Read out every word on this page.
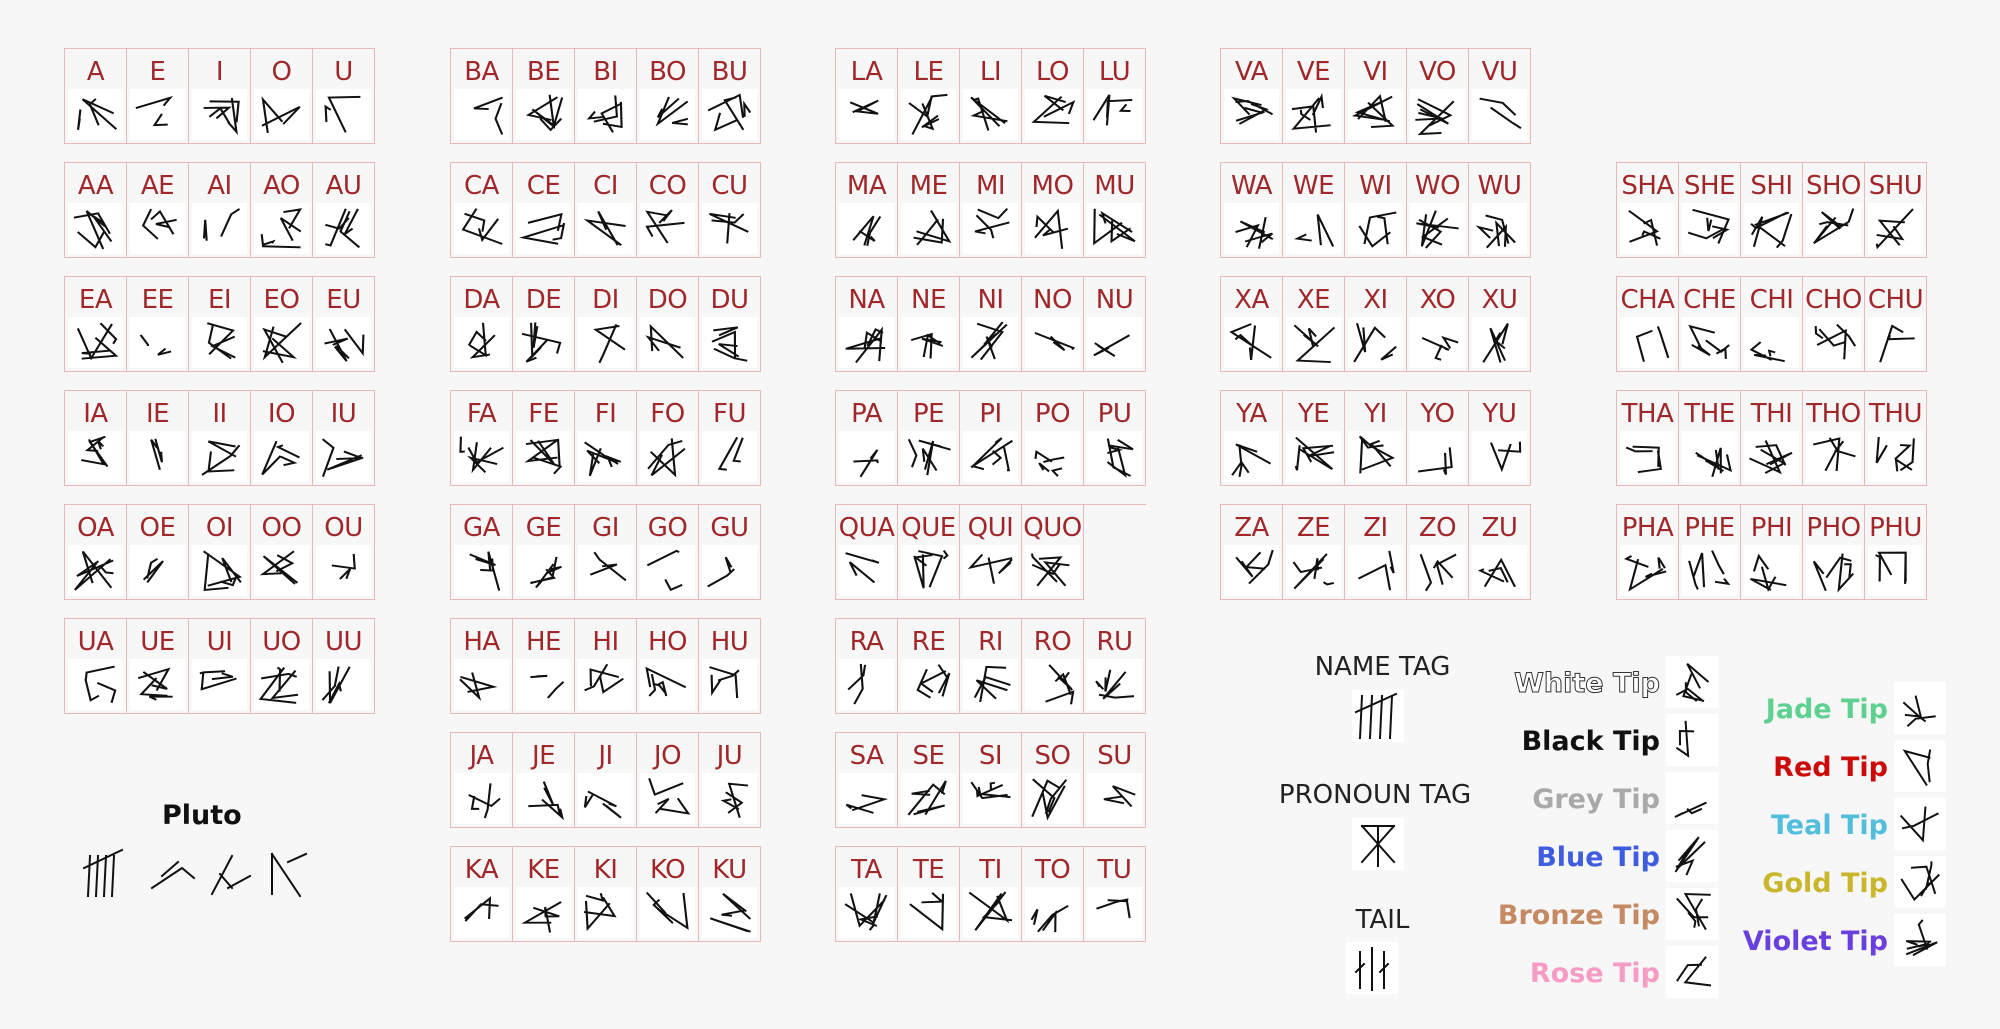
A	E	I	O	U
AA	AE	AI	AO AU
EA	EE	EI	EO	EU
IA	IE	II	IO	IU
OA OE	OI	OO OU
UA	UE	UI	UO UU
BA	BE	BI	BO BU
CA	CE	CI	CO CU
DA	DE	DI	DO DU
FA	FE	FI	FO	FU
GA GE	GI	GO GU
HA	HE	HI	HO HU
JA	JE	JI	JO	JU
KA	KE	KI	KO	KU
LA	LE	LI	LO	LU
MA ME	MI	MO MU
NA	NE	NI	NO NU
PA	PE	PI	PO	PU
QUA QUE QUI QUO
RA	RE	RI	RO RU
SA	SE	SI	SO	SU
TA	TE	TI	TO	TU
VA	VE	VI	VO VU
WA WE WI WO WU
XA	XE	XI	XO	XU
YA	YE	YI	YO	YU
ZA	ZE	ZI	ZO ZU
SHA SHE SHI SHO SHU
CHA CHE CHI CHO CHU
THA THE THI THO THU
PHA PHE PHI PHO PHU
Pluto
NAME TAG
PRONOUN TAG
TAIL
White Tip
Black Tip
Grey Tip
Blue Tip
Bronze Tip
Rose Tip
Jade Tip
Red Tip
Teal Tip
Gold Tip
Violet Tip
